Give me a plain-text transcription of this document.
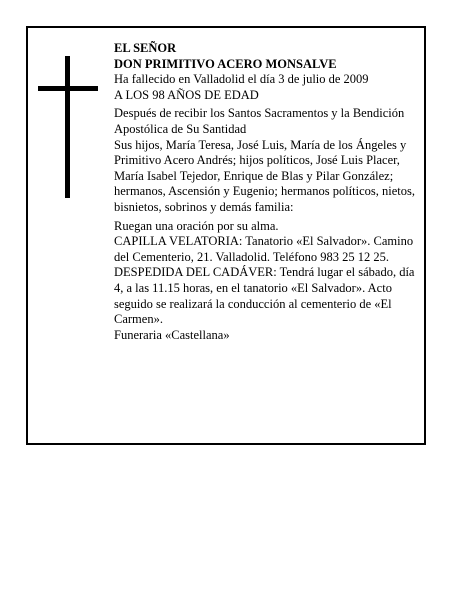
EL SEÑOR

DON PRIMITIVO ACERO MONSALVE

Ha fallecido en Valladolid el día 3 de julio de 2009

A LOS 98 AÑOS DE EDAD

Después de recibir los Santos Sacramentos y la Bendición Apostólica de Su Santidad

Sus hijos, María Teresa, José Luis, María de los Ángeles y Primitivo Acero Andrés; hijos políticos, José Luis Placer, María Isabel Tejedor, Enrique de Blas y Pilar González; hermanos, Ascensión y Eugenio; hermanos políticos, nietos, bisnietos, sobrinos y demás familia:

Ruegan una oración por su alma.

CAPILLA VELATORIA: Tanatorio «El Salvador». Camino del Cementerio, 21. Valladolid. Teléfono 983 25 12 25.

DESPEDIDA DEL CADÁVER: Tendrá lugar el sábado, día 4, a las 11.15 horas, en el tanatorio «El Salvador». Acto seguido se realizará la conducción al cementerio de «El Carmen».

Funeraria «Castellana»
